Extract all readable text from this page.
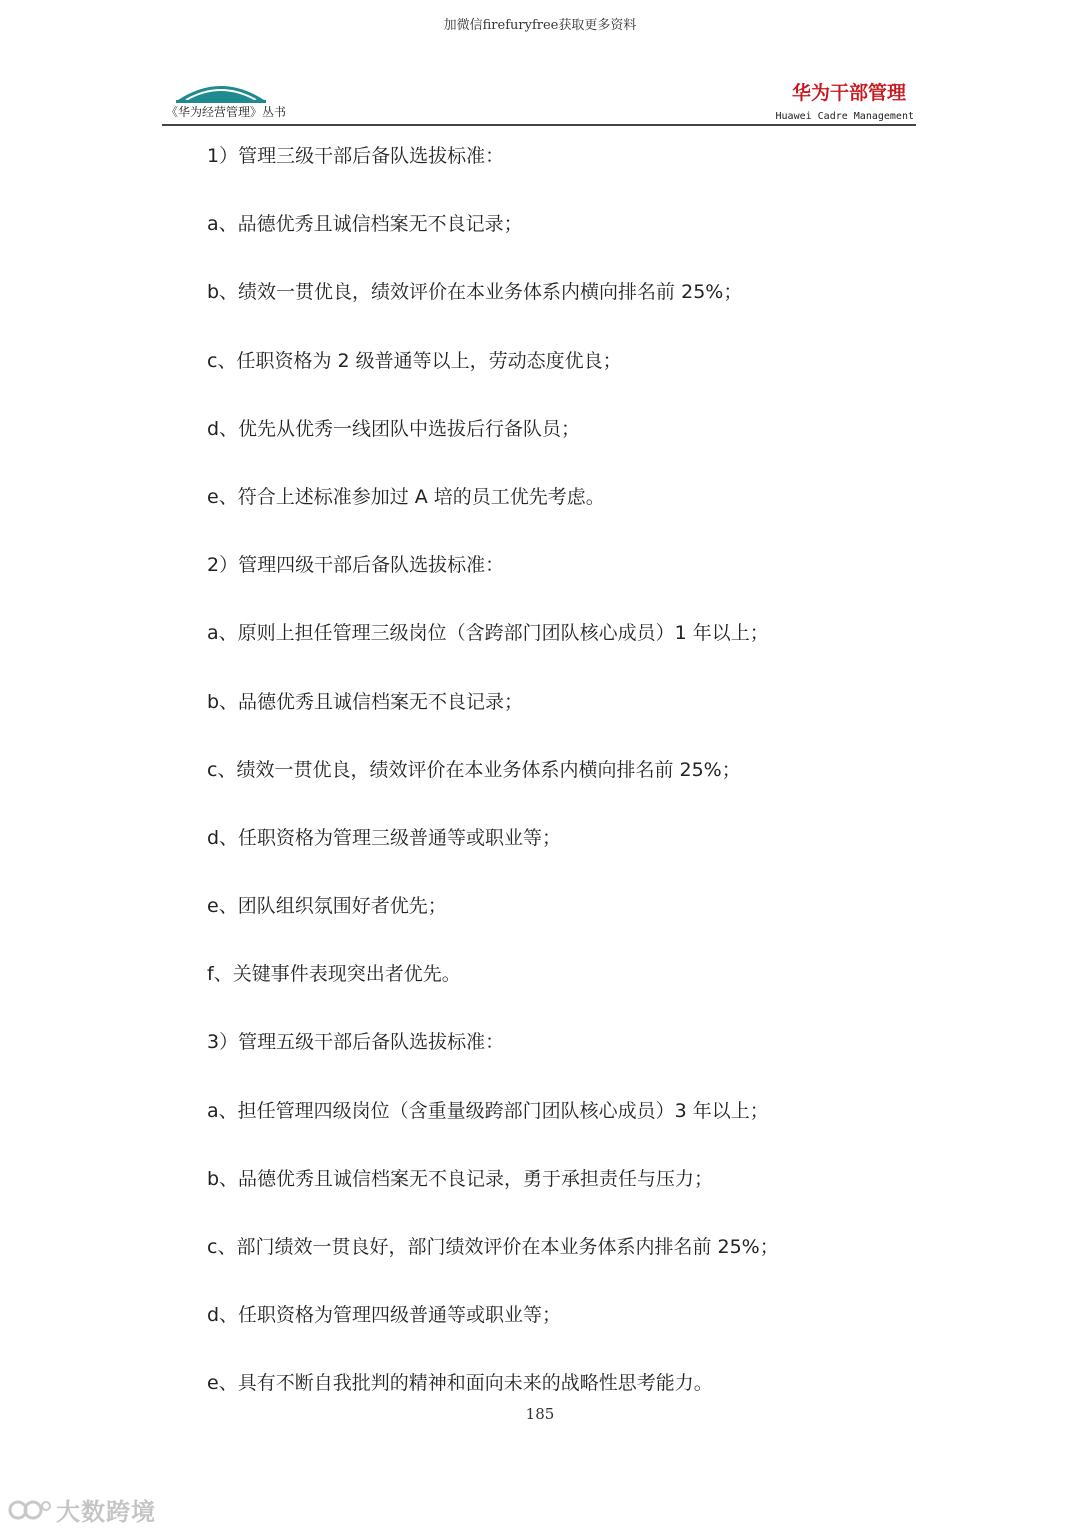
加微信firefuryfree获取更多资料
《华为经营管理》丛书
华为干部管理
Huawei Cadre Management
1）管理三级干部后备队选拔标准：
a、品德优秀且诚信档案无不良记录；
b、绩效一贯优良，绩效评价在本业务体系内横向排名前 25%；
c、任职资格为 2 级普通等以上，劳动态度优良；
d、优先从优秀一线团队中选拔后行备队员；
e、符合上述标准参加过 A 培的员工优先考虑。
2）管理四级干部后备队选拔标准：
a、原则上担任管理三级岗位（含跨部门团队核心成员）1 年以上；
b、品德优秀且诚信档案无不良记录；
c、绩效一贯优良，绩效评价在本业务体系内横向排名前 25%；
d、任职资格为管理三级普通等或职业等；
e、团队组织氛围好者优先；
f、关键事件表现突出者优先。
3）管理五级干部后备队选拔标准：
a、担任管理四级岗位（含重量级跨部门团队核心成员）3 年以上；
b、品德优秀且诚信档案无不良记录，勇于承担责任与压力；
c、部门绩效一贯良好，部门绩效评价在本业务体系内排名前 25%；
d、任职资格为管理四级普通等或职业等；
e、具有不断自我批判的精神和面向未来的战略性思考能力。
185
大数跨境
